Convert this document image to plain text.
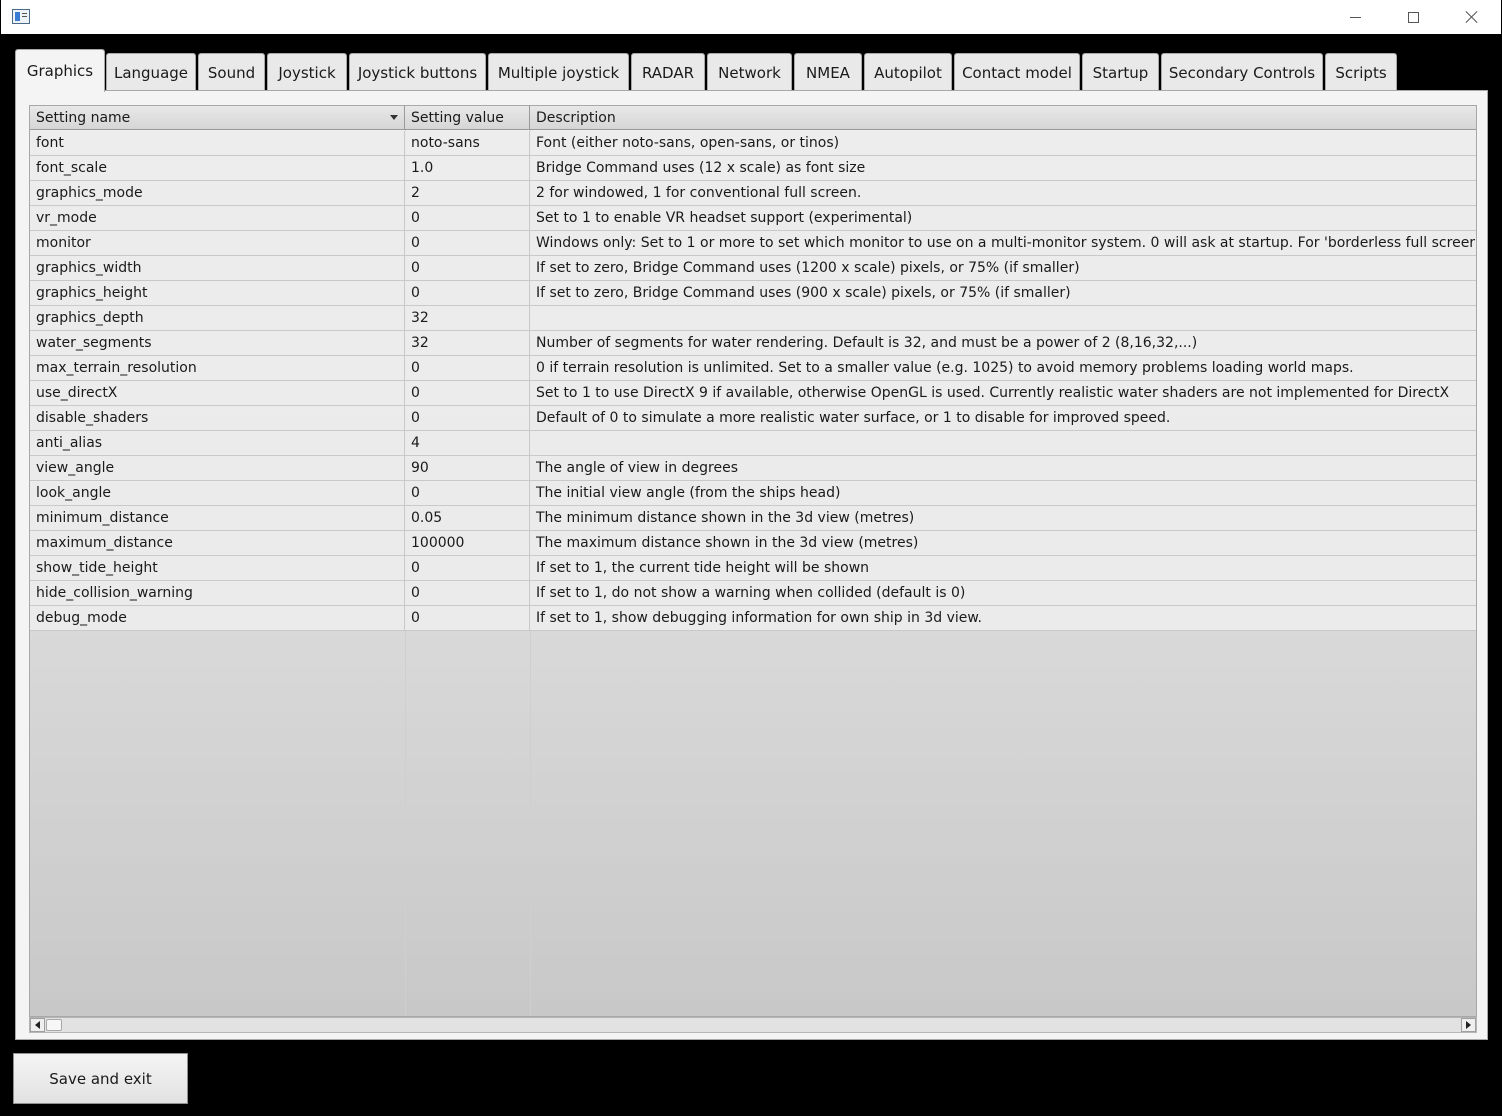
Graphics	Language	Sound	Joystick	Joystick buttons	Multiple joystick	RADAR	Network	NMEA	Autopilot	Contact model	Startup	Secondary Controls	Scripts
Setting name	Setting value	Description
font	noto-sans	Font (either noto-sans, open-sans, or tinos)
font_scale	1.0	Bridge Command uses (12 x scale) as font size
graphics_mode	2	2 for windowed, 1 for conventional full screen.
vr_mode	0	Set to 1 to enable VR headset support (experimental)
monitor	0	Windows only: Set to 1 or more to set which monitor to use on a multi-monitor system. 0 will ask at startup. For 'borderless full screer
graphics_width	0	If set to zero, Bridge Command uses (1200 x scale) pixels, or 75% (if smaller)
graphics_height	0	If set to zero, Bridge Command uses (900 x scale) pixels, or 75% (if smaller)
graphics_depth	32
water_segments	32	Number of segments for water rendering. Default is 32, and must be a power of 2 (8,16,32,...)
max_terrain_resolution	0	0 if terrain resolution is unlimited. Set to a smaller value (e.g. 1025) to avoid memory problems loading world maps.
use_directX	0	Set to 1 to use DirectX 9 if available, otherwise OpenGL is used. Currently realistic water shaders are not implemented for DirectX
disable_shaders	0	Default of 0 to simulate a more realistic water surface, or 1 to disable for improved speed.
anti_alias	4
view_angle	90	The angle of view in degrees
look_angle	0	The initial view angle (from the ships head)
minimum_distance	0.05	The minimum distance shown in the 3d view (metres)
maximum_distance	100000	The maximum distance shown in the 3d view (metres)
show_tide_height	0	If set to 1, the current tide height will be shown
hide_collision_warning	0	If set to 1, do not show a warning when collided (default is 0)
debug_mode	0	If set to 1, show debugging information for own ship in 3d view.
Save and exit
